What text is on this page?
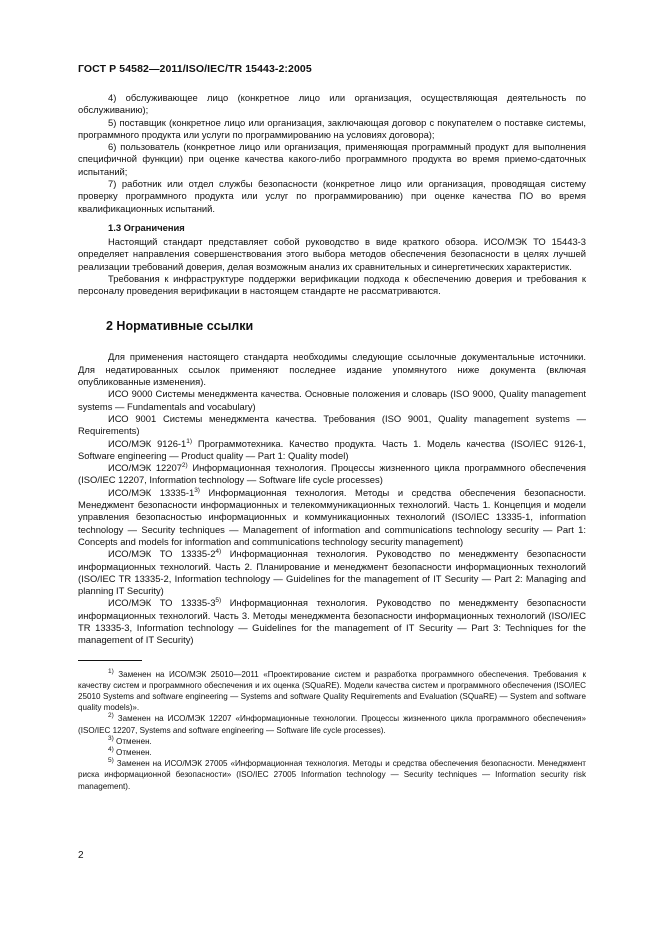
ГОСТ Р 54582—2011/ISO/IEC/TR 15443-2:2005

4) обслуживающее лицо (конкретное лицо или организация, осуществляющая деятельность по обслуживанию);

5) поставщик (конкретное лицо или организация, заключающая договор с покупателем о поставке системы, программного продукта или услуги по программированию на условиях договора);

6) пользователь (конкретное лицо или организация, применяющая программный продукт для выполнения специфичной функции) при оценке качества какого-либо программного продукта во время приемо-сдаточных испытаний;

7) работник или отдел службы безопасности (конкретное лицо или организация, проводящая систему проверку программного продукта или услуг по программированию) при оценке качества ПО во время квалификационных испытаний.

1.3 Ограничения

Настоящий стандарт представляет собой руководство в виде краткого обзора. ИСО/МЭК ТО 15443-3 определяет направления совершенствования этого выбора методов обеспечения безопасности в целях лучшей реализации требований доверия, делая возможным анализ их сравнительных и синергетических характеристик.

Требования к инфраструктуре поддержки верификации подхода к обеспечению доверия и требования к персоналу проведения верификации в настоящем стандарте не рассматриваются.

2 Нормативные ссылки

Для применения настоящего стандарта необходимы следующие ссылочные документальные источники. Для недатированных ссылок применяют последнее издание упомянутого ниже документа (включая опубликованные изменения).

ИСО 9000 Системы менеджмента качества. Основные положения и словарь (ISO 9000, Quality management systems — Fundamentals and vocabulary)

ИСО 9001 Системы менеджмента качества. Требования (ISO 9001, Quality management systems — Requirements)

ИСО/МЭК 9126-1$^{1)}$ Программотехника. Качество продукта. Часть 1. Модель качества (ISO/IEC 9126-1, Software engineering — Product quality — Part 1: Quality model)

ИСО/МЭК 12207$^{2)}$ Информационная технология. Процессы жизненного цикла программного обеспечения (ISO/IEC 12207, Information technology — Software life cycle processes)

ИСО/МЭК 13335-1$^{3)}$ Информационная технология. Методы и средства обеспечения безопасности. Менеджмент безопасности информационных и телекоммуникационных технологий. Часть 1. Концепция и модели управления безопасностью информационных и коммуникационных технологий (ISO/IEC 13335-1, information technology — Security techniques — Management of information and communications technology security — Part 1: Concepts and models for information and communications technology security management)

ИСО/МЭК ТО 13335-2$^{4)}$ Информационная технология. Руководство по менеджменту безопасности информационных технологий. Часть 2. Планирование и менеджмент безопасности информационных технологий (ISO/IEC TR 13335-2, Information technology — Guidelines for the management of IT Security — Part 2: Managing and planning IT Security)

ИСО/МЭК ТО 13335-3$^{5)}$ Информационная технология. Руководство по менеджменту безопасности информационных технологий. Часть 3. Методы менеджмента безопасности информационных технологий (ISO/IEC TR 13335-3, Information technology — Guidelines for the management of IT Security — Part 3: Techniques for the management of IT Security)

$^{1)}$ Заменен на ИСО/МЭК 25010—2011 «Проектирование систем и разработка программного обеспечения. Требования к качеству систем и программного обеспечения и их оценка (SQuaRE). Модели качества систем и программного обеспечения (ISO/IEC 25010 Systems and software engineering — Systems and software Quality Requirements and Evaluation (SQuaRE) — System and software quality models)».

$^{2)}$ Заменен на ИСО/МЭК 12207 «Информационные технологии. Процессы жизненного цикла программного обеспечения» (ISO/IEC 12207, Systems and software engineering — Software life cycle processes).

$^{3)}$ Отменен.

$^{4)}$ Отменен.

$^{5)}$ Заменен на ИСО/МЭК 27005 «Информационная технология. Методы и средства обеспечения безопасности. Менеджмент риска информационной безопасности» (ISO/IEC 27005 Information technology — Security techniques — Information security risk management).

2
